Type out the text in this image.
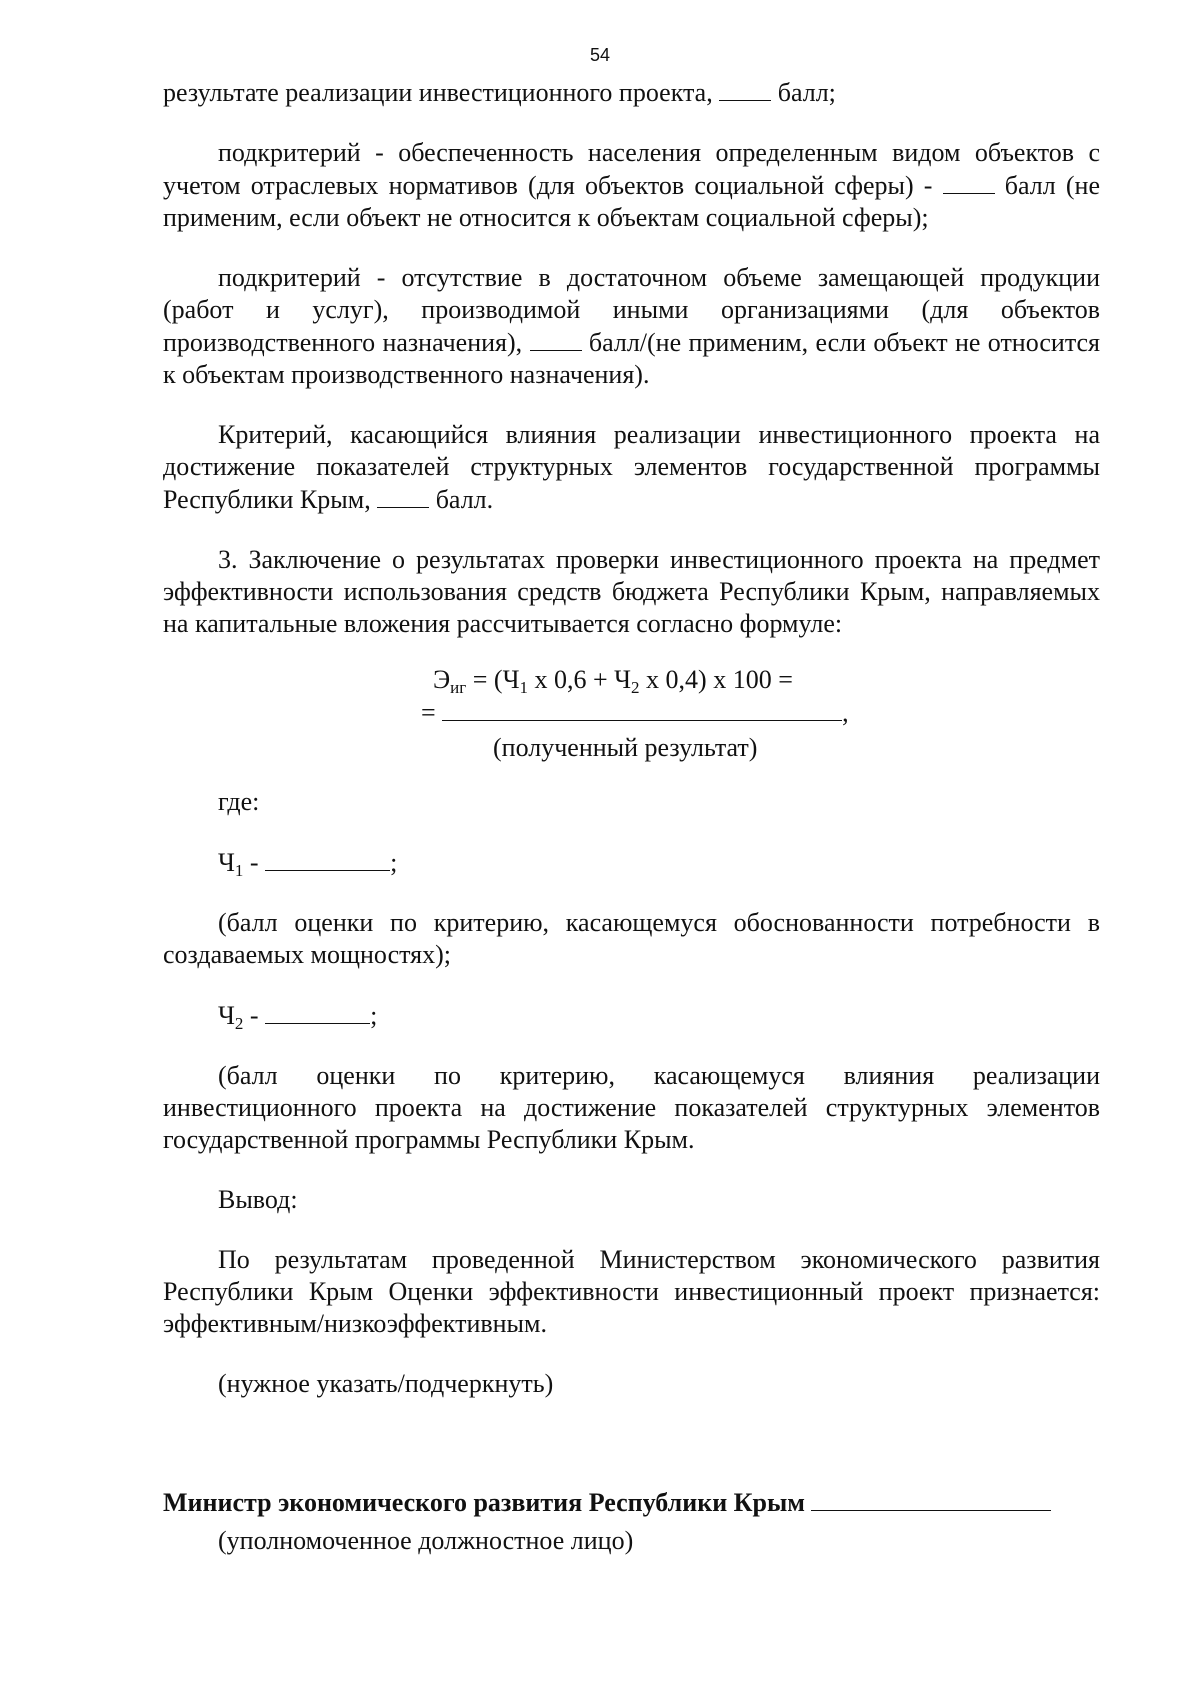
54

результате реализации инвестиционного проекта,  балл;

подкритерий - обеспеченность населения определенным видом объектов с учетом отраслевых нормативов (для объектов социальной сферы) -  балл (не применим, если объект не относится к объектам социальной сферы);

подкритерий - отсутствие в достаточном объеме замещающей продукции (работ и услуг), производимой иными организациями (для объектов производственного назначения),  балл/(не применим, если объект не относится к объектам производственного назначения).

Критерий, касающийся влияния реализации инвестиционного проекта на достижение показателей структурных элементов государственной программы Республики Крым,  балл.

3. Заключение о результатах проверки инвестиционного проекта на предмет эффективности использования средств бюджета Республики Крым, направляемых на капитальные вложения рассчитывается согласно формуле:

$Э_{иг} = (Ч_1$ x $0,6 + Ч_2$ x 0,4) x 100 =
=	,
(полученный результат)

где:

$Ч_1$ -	;

(балл оценки по критерию, касающемуся обоснованности потребности в создаваемых мощностях);

$Ч_2$ -	;

(балл оценки по критерию, касающемуся влияния реализации инвестиционного проекта на достижение показателей структурных элементов государственной программы Республики Крым.

Вывод:

По результатам проведенной Министерством экономического развития Республики Крым Оценки эффективности инвестиционный проект признается: эффективным/низкоэффективным.

(нужное указать/подчеркнуть)

Министр экономического развития Республики Крым

(уполномоченное должностное лицо)
